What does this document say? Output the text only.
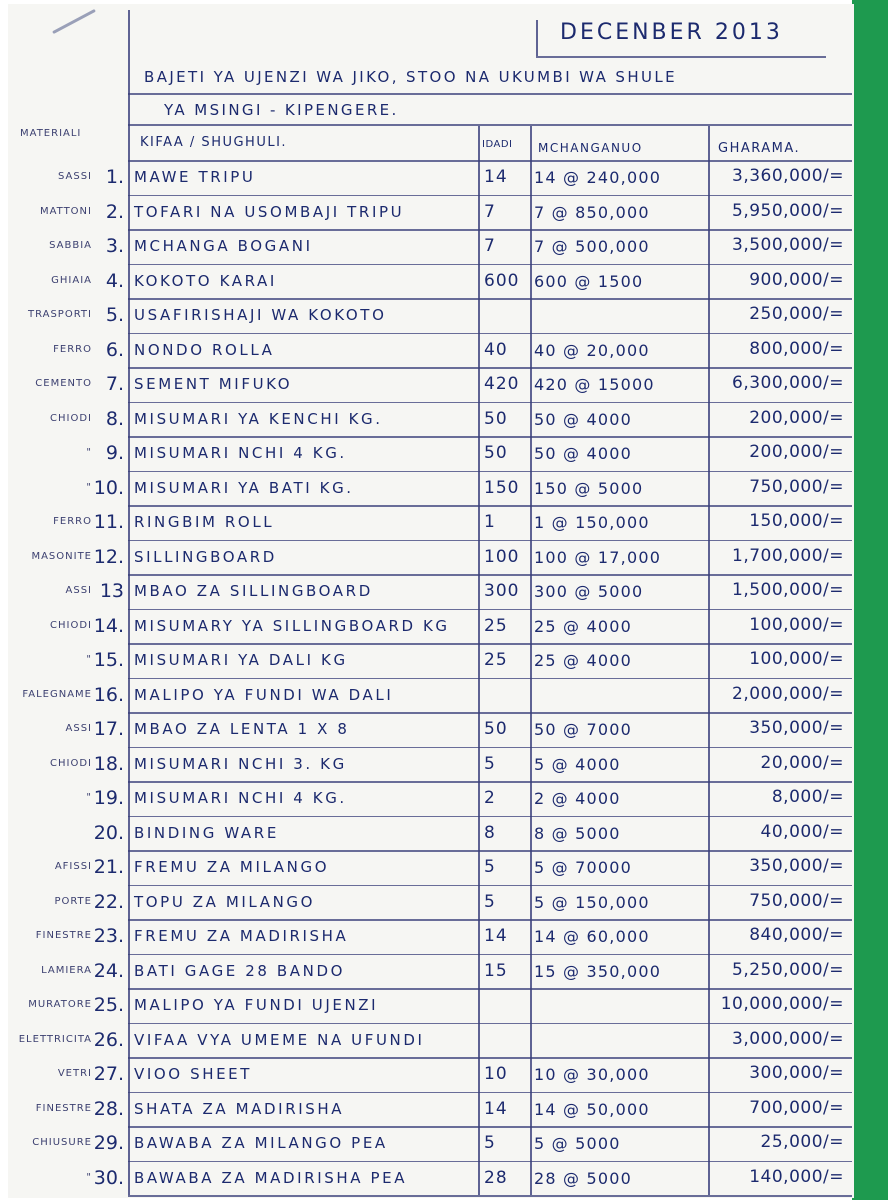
DECENBER 2013
BAJETI YA UJENZI WA JIKO, STOO NA UKUMBI WA SHULE
YA MSINGI - KIPENGERE.
MATERIALI
KIFAA / SHUGHULI.	IDADI MCHANGANUO	GHARAMA.
SASSI 1. MAWE TRIPU	14 14 @ 240,000	3,360,000/=
MATTONI 2. TOFARI NA USOMBAJI TRIPU	7 7 @ 850,000	5,950,000/=
SABBIA 3. MCHANGA BOGANI	7 7 @ 500,000	3,500,000/=
GHIAIA 4. KOKOTO KARAI	600 600 @ 1500	900,000/=
TRASPORTI 5. USAFIRISHAJI WA KOKOTO	250,000/=
FERRO 6. NONDO ROLLA	40 40 @ 20,000	800,000/=
CEMENTO 7. SEMENT MIFUKO	420 420 @ 15000	6,300,000/=
CHIODI 8. MISUMARI YA KENCHI KG.	50 50 @ 4000	200,000/=
" 9. MISUMARI NCHI 4 KG.	50 50 @ 4000	200,000/=
" 10. MISUMARI YA BATI KG.	150 150 @ 5000	750,000/=
FERRO 11. RINGBIM ROLL	1 1 @ 150,000	150,000/=
MASONITE 12. SILLINGBOARD	100 100 @ 17,000	1,700,000/=
ASSI 13 MBAO ZA SILLINGBOARD	300 300 @ 5000	1,500,000/=
CHIODI 14. MISUMARY YA SILLINGBOARD KG 25 25 @ 4000	100,000/=
" 15. MISUMARI YA DALI KG	25 25 @ 4000	100,000/=
FALEGNAME 16. MALIPO YA FUNDI WA DALI	2,000,000/=
ASSI 17. MBAO ZA LENTA 1 X 8	50 50 @ 7000	350,000/=
CHIODI 18. MISUMARI NCHI 3. KG	5 5 @ 4000	20,000/=
" 19. MISUMARI NCHI 4 KG.	2 2 @ 4000	8,000/=
20. BINDING WARE	8 8 @ 5000	40,000/=
AFISSI 21. FREMU ZA MILANGO	5 5 @ 70000	350,000/=
PORTE 22. TOPU ZA MILANGO	5 5 @ 150,000	750,000/=
FINESTRE 23. FREMU ZA MADIRISHA	14 14 @ 60,000	840,000/=
LAMIERA 24. BATI GAGE 28 BANDO	15 15 @ 350,000	5,250,000/=
MURATORE 25. MALIPO YA FUNDI UJENZI	10,000,000/=
ELETTRICITA 26. VIFAA VYA UMEME NA UFUNDI	3,000,000/=
VETRI 27. VIOO SHEET	10 10 @ 30,000	300,000/=
FINESTRE 28. SHATA ZA MADIRISHA	14 14 @ 50,000	700,000/=
CHIUSURE 29. BAWABA ZA MILANGO PEA	5 5 @ 5000	25,000/=
" 30. BAWABA ZA MADIRISHA PEA	28 28 @ 5000	140,000/=
